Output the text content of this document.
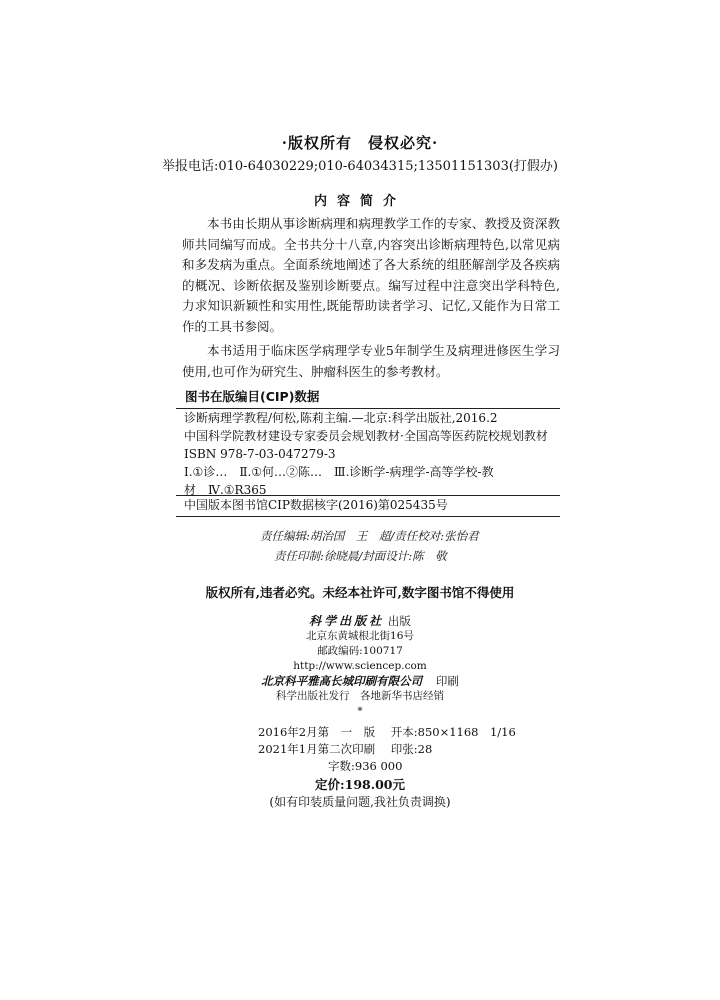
·版权所有　侵权必究·
举报电话:010-64030229;010-64034315;13501151303(打假办)
内容简介

本书由长期从事诊断病理和病理教学工作的专家、教授及资深教师共同编写而成。全书共分十八章,内容突出诊断病理特色,以常见病和多发病为重点。全面系统地阐述了各大系统的组胚解剖学及各疾病的概况、诊断依据及鉴别诊断要点。编写过程中注意突出学科特色,力求知识新颖性和实用性,既能帮助读者学习、记忆,又能作为日常工作的工具书参阅。

本书适用于临床医学病理学专业5年制学生及病理进修医生学习使用,也可作为研究生、肿瘤科医生的参考教材。

图书在版编目(CIP)数据
诊断病理学教程/何松,陈莉主编.—北京:科学出版社,2016.2
中国科学院教材建设专家委员会规划教材·全国高等医药院校规划教材
ISBN 978-7-03-047279-3
Ⅰ.①诊…　Ⅱ.①何…②陈…　Ⅲ.诊断学-病理学-高等学校-教
材　Ⅳ.①R365
中国版本图书馆CIP数据核字(2016)第025435号
责任编辑:胡治国　王　超/责任校对:张怡君
责任印制:徐晓晨/封面设计:陈　敬
版权所有,违者必究。未经本社许可,数字图书馆不得使用
科学出版社 出版
北京东黄城根北街16号
邮政编码:100717
http://www.sciencep.com
北京科平雅高长城印刷有限公司 印刷
科学出版社发行　各地新华书店经销
*
2016年2月第　一　版 开本:850×1168　1/16
2021年1月第二次印刷 印张:28
字数:936 000
定价:198.00元
(如有印装质量问题,我社负责调换)
